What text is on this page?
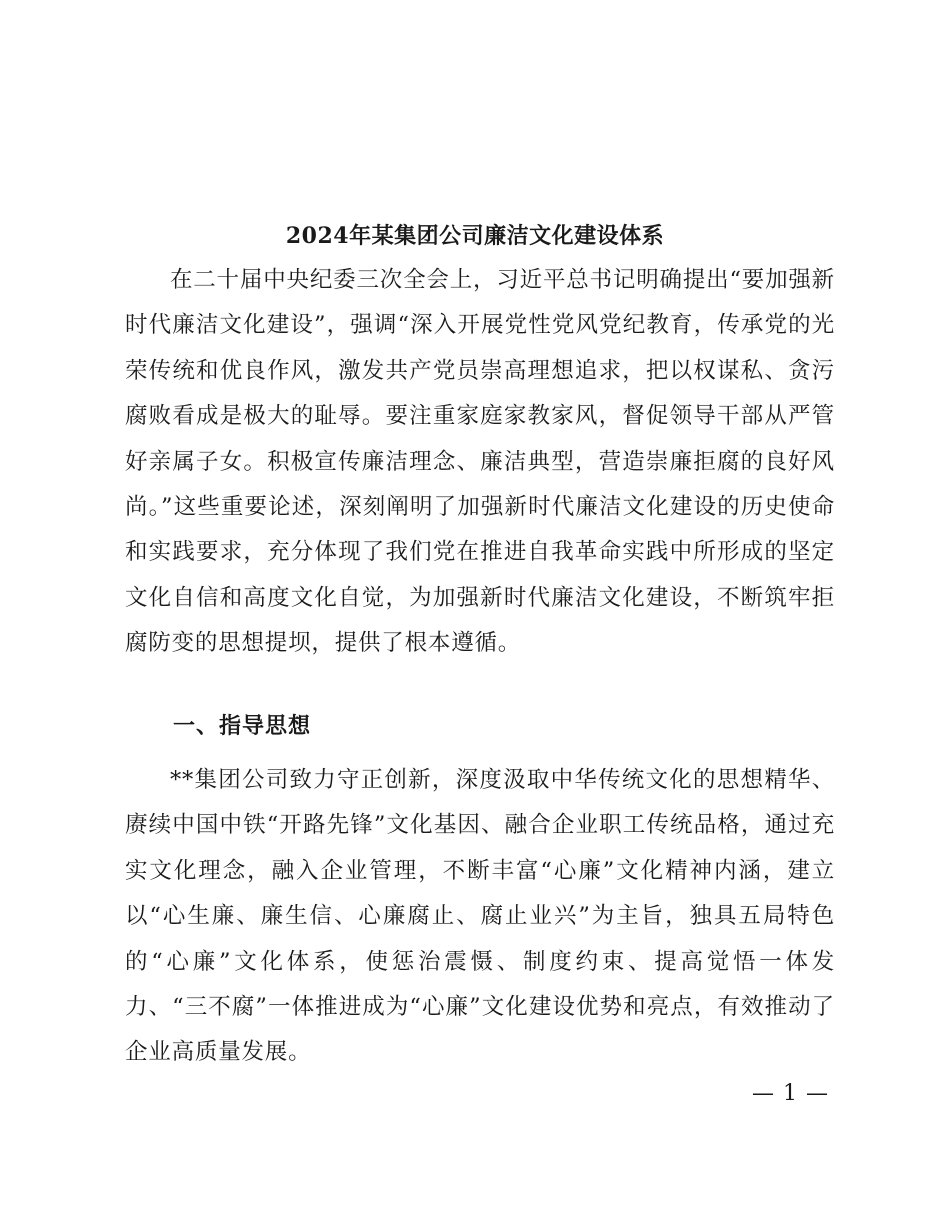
2024年某集团公司廉洁文化建设体系

在二十届中央纪委三次全会上，习近平总书记明确提出“要加强新时代廉洁文化建设”，强调“深入开展党性党风党纪教育，传承党的光荣传统和优良作风，激发共产党员崇高理想追求，把以权谋私、贪污腐败看成是极大的耻辱。要注重家庭家教家风，督促领导干部从严管好亲属子女。积极宣传廉洁理念、廉洁典型，营造崇廉拒腐的良好风尚。”这些重要论述，深刻阐明了加强新时代廉洁文化建设的历史使命和实践要求，充分体现了我们党在推进自我革命实践中所形成的坚定文化自信和高度文化自觉，为加强新时代廉洁文化建设，不断筑牢拒腐防变的思想提坝，提供了根本遵循。

一、指导思想

**集团公司致力守正创新，深度汲取中华传统文化的思想精华、赓续中国中铁“开路先锋”文化基因、融合企业职工传统品格，通过充实文化理念，融入企业管理，不断丰富“心廉”文化精神内涵，建立以“心生廉、廉生信、心廉腐止、腐止业兴”为主旨，独具五局特色的“心廉”文化体系，使惩治震慑、制度约束、提高觉悟一体发力、“三不腐”一体推进成为“心廉”文化建设优势和亮点，有效推动了企业高质量发展。

— 1 —
